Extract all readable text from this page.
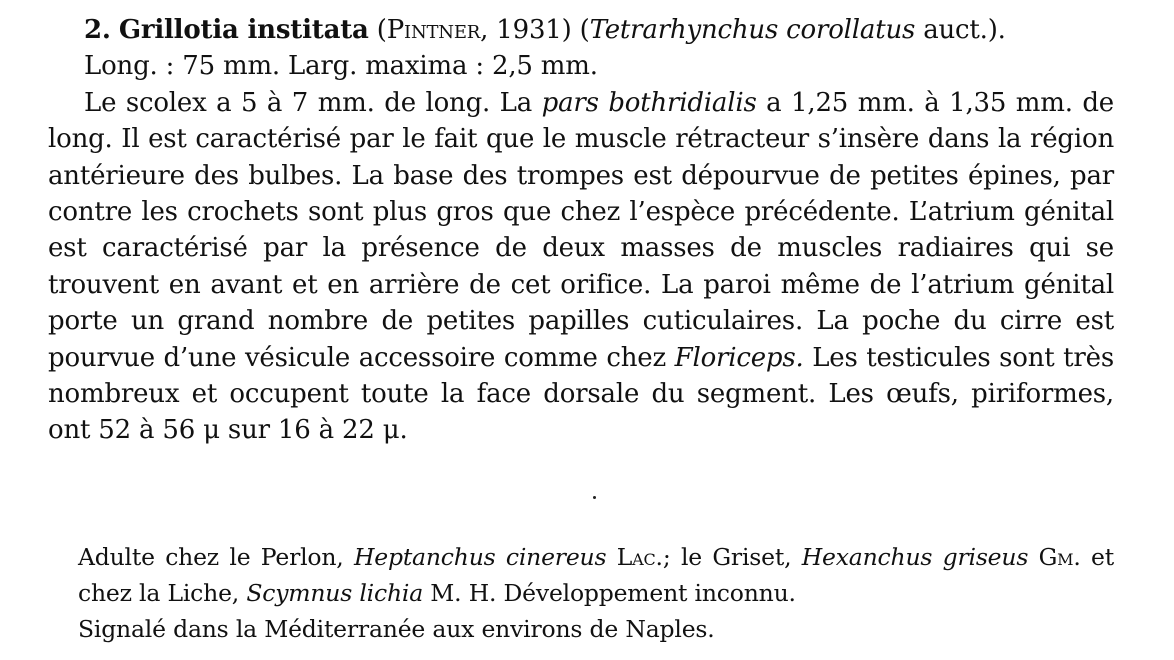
2. Grillotia institata (Pintner, 1931) (Tetrarhynchus corollatus auct.).
Long. : 75 mm. Larg. maxima : 2,5 mm.
Le scolex a 5 à 7 mm. de long. La pars bothridialis a 1,25 mm. à 1,35 mm. de long. Il est caractérisé par le fait que le muscle rétracteur s’insère dans la région antérieure des bulbes. La base des trompes est dépourvue de petites épines, par contre les crochets sont plus gros que chez l’espèce précédente. L’atrium génital est caractérisé par la présence de deux masses de muscles radiaires qui se trouvent en avant et en arrière de cet orifice. La paroi même de l’atrium génital porte un grand nombre de petites papilles cuticulaires. La poche du cirre est pourvue d’une vésicule accessoire comme chez Floriceps. Les testicules sont très nombreux et occupent toute la face dorsale du segment. Les œufs, piriformes, ont 52 à 56 μ sur 16 à 22 μ.
Adulte chez le Perlon, Heptanchus cinereus Lac.; le Griset, Hexanchus griseus Gm. et chez la Liche, Scymnus lichia M. H. Développement inconnu.
Signalé dans la Méditerranée aux environs de Naples.
